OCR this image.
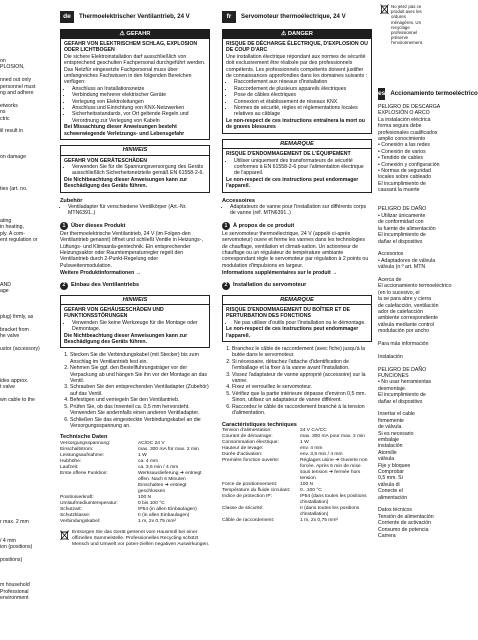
on
PLOSION,
nned out only
personnel must
ng and adhere
etworks
ns
ctric
iil result in
on damage
ties (art. no.
ating
in heating,
ply. A com-
ent regulation or
AND
age
plug) firmly, as
bracket from
he valve
ustor (accessory)
ides approx.
t valve
wn cable to the
r max. 2 mm
/ 4 mm
ion (positions)
positions)
m household
Professional
environment
de	Thermoelektrischer Ventilantrieb, 24 V
⚠ GEFAHR
GEFAHR VON ELEKTRISCHEM SCHLAG, EXPLOSION ODER LICHTBOGEN
Die sichere Elektroinstallation darf ausschließlich von entsprechend geschulten Fachpersonal durchgeführt werden. Das Netzfür eingesetzte Fachpersonal muss über umfangreiches Fachwissen in den folgenden Bereichen verfügen:
• Anschluss an Installationsnetze
• Verbindung mehrerer elektrischer Geräte
• Verlegung von Elektroleitungen
• Anschluss und Einrichtung von KNX-Netzwerken
• Sicherheitsstandards, vor Ort geltende Regeln und Verordnung zur Verlegung von Kabeln
Bei Missachtung dieser Anweisungen besteht schwerwiegende Verletzungs- und Lebensgefahr
HINWEIS
GEFAHR VON GERÄTESCHÄDEN
• Verwenden Sie für die Spannungsversorgung des Geräts ausschließlich Sicherheitsnetzteile gemäß EN 61558-2-6.
Die Nichtbeachtung dieser Anweisungen kann zur Beschädigung des Geräts führen.
Zubehör
• Ventiladapter für verschiedene Ventilkörper (Art.-Nr. MTN6391..)
1 Über dieses Produkt
Der thermoelektrische Ventilantrieb, 24 V (im Folgen-den Ventilantrieb genannt) öffnet und schließt Ventile in Heizungs-, Lüftungs- und Klimaanla-gentechnik. Ein entsprechender Heizungsaktor oder Raumtemperaturregler regelt den Ventilantrieb durch 2-Punkt-Regelung oder Pulsweitenmodulation.
Weitere Produktinformationen →
2 Einbau des Ventilantriebs
HINWEIS
GEFAHR VON GEHÄUSESCHÄDEN UND FUNKTIONSSTÖRUNGEN
• Verwenden Sie keine Werkzeuge für die Montage oder Demontage.
Die Nichtbeachtung dieser Anweisungen kann zur Beschädigung des Geräts führen.
1. Stecken Sie die Verbindungskabel (mit Stecker) bis zum Anschlag im Ventilantrieb fest ein.
2. Nehmen Sie ggf. den Bestellfuhrungsträger vor der Verpackung ab und hängen Sie ihn vor der Montage an das Ventil.
3. Schrauben Sie den entsprechenden Ventiladapter (Zubehör) auf das Ventil.
4. Befestigen und verriegeln Sie den Ventilantrieb.
5. Prüfen Sie, ob das Innenteil ca. 0,5 mm hervorsteht. Verwenden Sie andernfalls einen anderen Ventiladapter.
6. Schließen Sie das eingesteckte Verbindungskabel an die Versorgungsspannung an.
Technische Daten
Versorgungsspannung:	AC/DC 24 V
Einschaltstrom:	max. 300 mA für max. 2 min
Leistungsaufnahme:	1 W
Hubhöhe:	ca. 4 mm
Laufzeit:	ca. 3,5 min / 4 mm
Erste offene Funktion:	Werksauslieferung ➜ entriegt offen. Nach 6 Minuten Einschalten ➜ entriegt geschlossen
Positionierkraft:	100 N
Umlaufmediumtemperatur:	0 bis 100 °C
Schutzart:	IP54 (in allen Einbaulagen)
Schutzklasse:	II (in allen Einbaulagen)
Verbindungskabel:	1 m, 2x 0,75 mm²
Entsorgen Sie das Gerät getrennt vom Hausmüll bei einer offiziellen Sammelstelle. Professionelles Recycling schützt Mensch und Umwelt vor poten-ziellen negativen Auswirkungen.
fr	Servomoteur thermoélectrique, 24 V
⚠ DANGER
RISQUE DE DÉCHARGE ÉLECTRIQUE, D'EXPLOSION OU DE COUP D'ARC
Une installation électrique répondant aux normes de sécurité doit exclusivement être réalisée par des professionnels compétents. Les professionnels compétents doivent justifier de connaissances approfondies dans les domaines suivants :
• Raccordement aux réseaux d'installation
• Raccordement de plusieurs appareils électriques
• Pose de câbles électriques
• Connexion et établissement de réseaux KNX
• Normes de sécurité, règles et réglementations locales relatives au câblage
Le non-respect de ces instructions entraînera la mort ou de graves blessures
REMARQUE
RISQUE D'ENDOMMAGEMENT DE L'ÉQUIPEMENT
• Utiliser uniquement des transformateurs de sécurité conformes à EN 61558-2-6 pour l'alimentation électrique de l'appareil.
Le non-respect de ces instructions peut endommager l'appareil.
Accessoires
• Adaptateurs de vanne pour l'installation sur différents corps de vanne (réf. MTN6391..)
1 À propos de ce produit
Le servomoteur thermoélectrique, 24 V (appelé ci-après servomoteur) ouvre et ferme les vannes dans les technologies de chauffage, ventilation et climati-sation. Un actionneur de chauffage ou un régulateur de température ambiante correspondant règle le servomoteur par régulation à 2 points ou modulation d'impulsions en largeur.
Informations supplémentaires sur le produit →
2 Installation du servomoteur
REMARQUE
RISQUE D'ENDOMMAGEMENT DU BOÎTIER ET DE PERTURBATION DES FONCTIONS
• Ne pas utiliser d'outils pour l'installation ou le démontage.
Le non-respect de ces instructions peut endommager l'appareil.
1. Branchez le câble de raccordement (avec fiche) jusqu'à la butée dans le servomoteur.
2. Si nécessaire, détachez l'attache d'identification de l'emballage et la fixer à la vanne avant l'installation.
3. Vissez l'adaptateur de vanne approprié (accessoire) sur la vanne.
4. Fixez et verrouillez le servomoteur.
5. Vérifiez que la partie intérieure dépasse d'environ 0,5 mm. Sinon, utilisez un adaptateur de vanne différent.
6. Raccordez le câble de raccordement branché à la tension d'alimentation.
Caractéristiques techniques
Tension d'alimentation:	24 V CA/CC
Courant de démarrage:	max. 300 mA pour max. 2 min
Consommation électrique:	1 W
Hauteur de levage:	env. 4 mm
Durée d'activation:	env. 3,5 min / 4 mm
Première fonction ouverte:	Réglages usine ➜ Ouverte non forcée. Après 6 min de mise sous tension ➜ fermée hors tension
Force de positionnement:	100 N
Température du fluide circulant:	0...100 °C
Indice de protection IP:	IP54 (dans toutes les positions d'installation)
Classe de sécurité:	II (dans toutes les positions d'installation)
Câble de raccordement:	1 m, 2x 0,75 mm²
No jetez pas ce produit avec les ordures ménagères. Un recyclage professionnel préserve l'environnement.
es Accionamiento termoeléctrico
PELIGRO DE DESCARGA
EXPLOSIÓN O ARCO
La instalación eléctrica
forma segura debe
profesionales cualificados
amplio conocimiento
• Conexión a las redes
• Conexión de varios
• Tendido de cables
• Conexión y configuración
• Normas de seguridad
locales sobre cableado
El incumplimiento de
causará la muerte
PELIGRO DE DAÑO
• Utilizar únicamente
de conformidad con
la fuente de alimentación
El incumplimiento de
dañar el dispositivo
Accesorios
• Adaptadores de válvula
válvula (n.º art. MTN
Acerca de
El accionamiento termoeléctrico
(en lo sucesivo, el
la se para abre y cierra
de calefacción, ventilación
ador de calefacción
ambiente correspondiente
válvula mediante control
modulación por ancho
Para más información
Instalación
PELIGRO DE DAÑO
FUNCIONES
• No usar herramientas
desmontaje.
El incumplimiento de
dañar el dispositivo
Insertar el cable
firmemente
de válvula
Si es necesario
embalaje
instalación
Atornille
válvula
Fije y bloquee
Comprobar
0,5 mm. Si
válvula di
Conecte el
alimentación
Datos técnicos
Tensión de alimentación
Corriente de activación
Consumo de potencia
Carrera
